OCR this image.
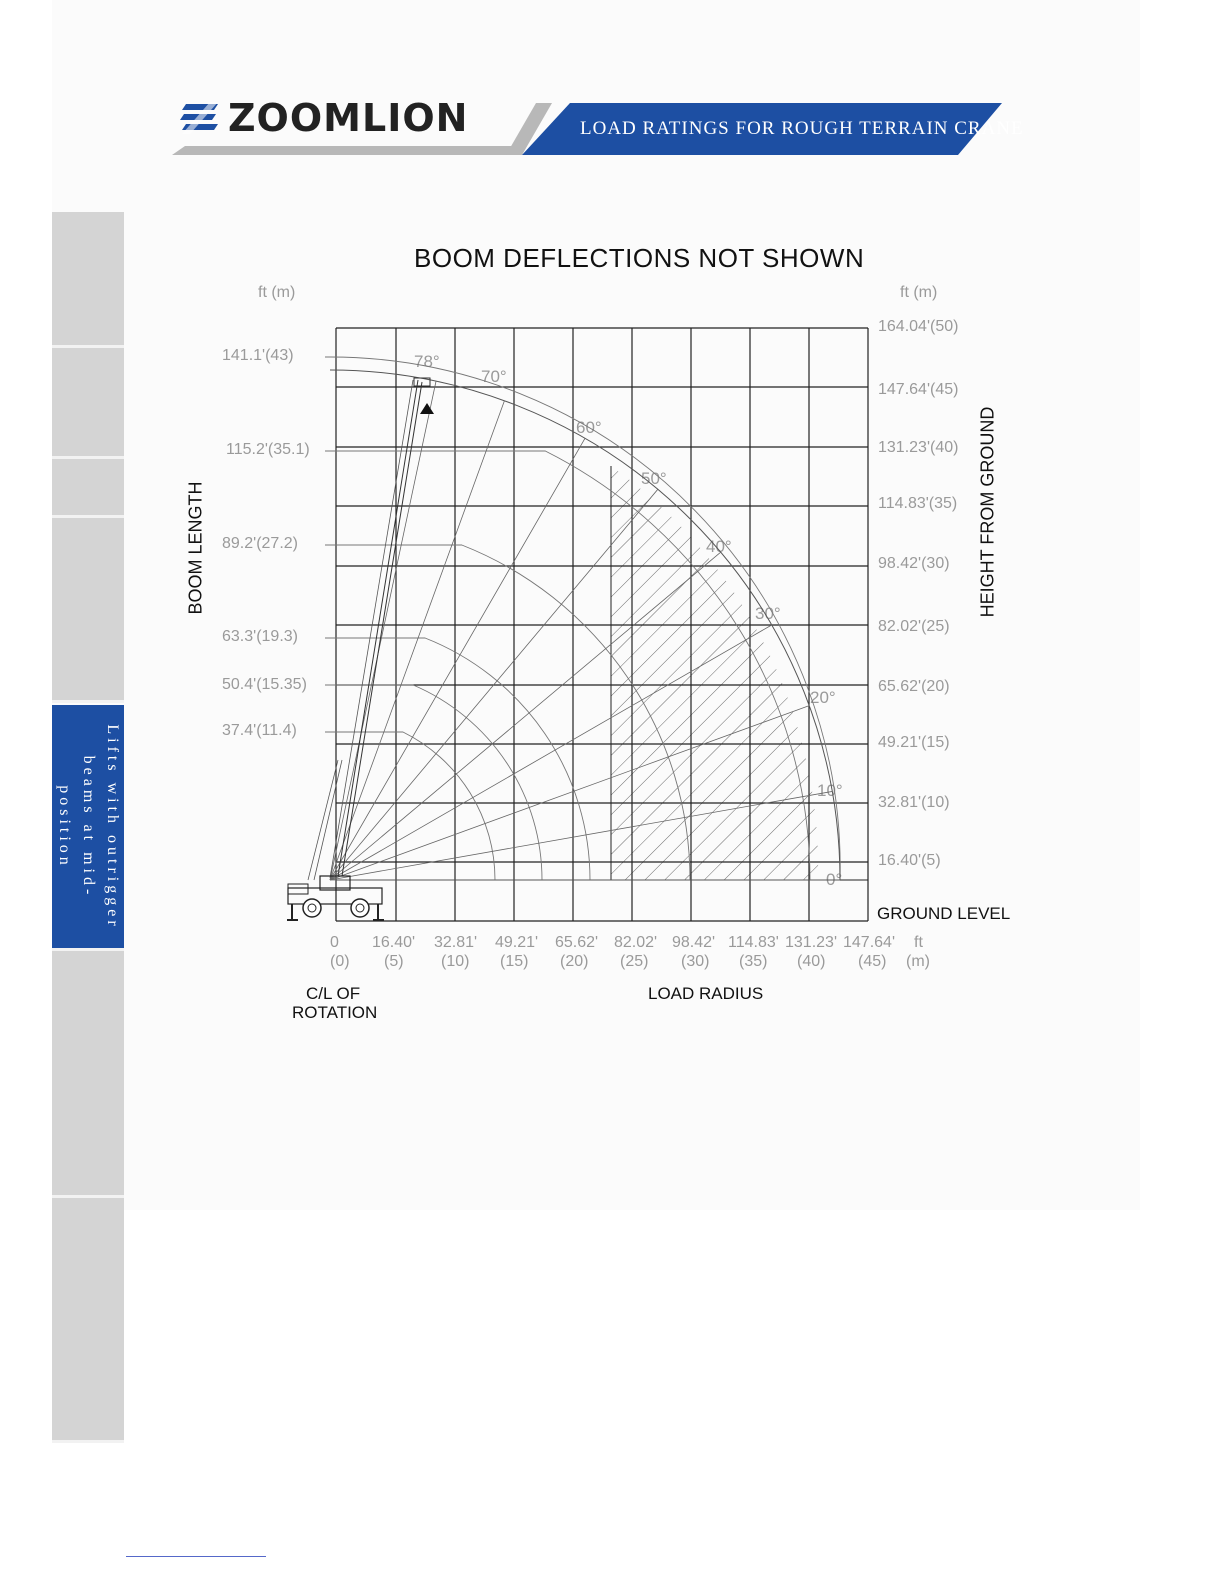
ZOOMLION	LOAD RATINGS FOR ROUGH TERRAIN CRANE
Lifts with outrigger beams at mid-position
BOOM DEFLECTIONS NOT SHOWN
ft (m)	ft (m)
BOOM LENGTH	HEIGHT FROM GROUND
GROUND LEVEL
LOAD RADIUS
C/L OF
ROTATION
141.1'(43)
115.2'(35.1)
89.2'(27.2)
63.3'(19.3)
50.4'(15.35)
37.4'(11.4)
164.04'(50)
147.64'(45)
131.23'(40)
114.83'(35)
98.42'(30)
82.02'(25)
65.62'(20)
49.21'(15)
32.81'(10)
16.40'(5)
0 16.40' 32.81' 49.21' 65.62' 82.02' 98.42' 114.83' 131.23' 147.64' ft
(0) (5) (10) (15) (20) (25) (30) (35) (40) (45) (m)
78°
70°
60°
50°
40°
30°
20°
10°
0°
